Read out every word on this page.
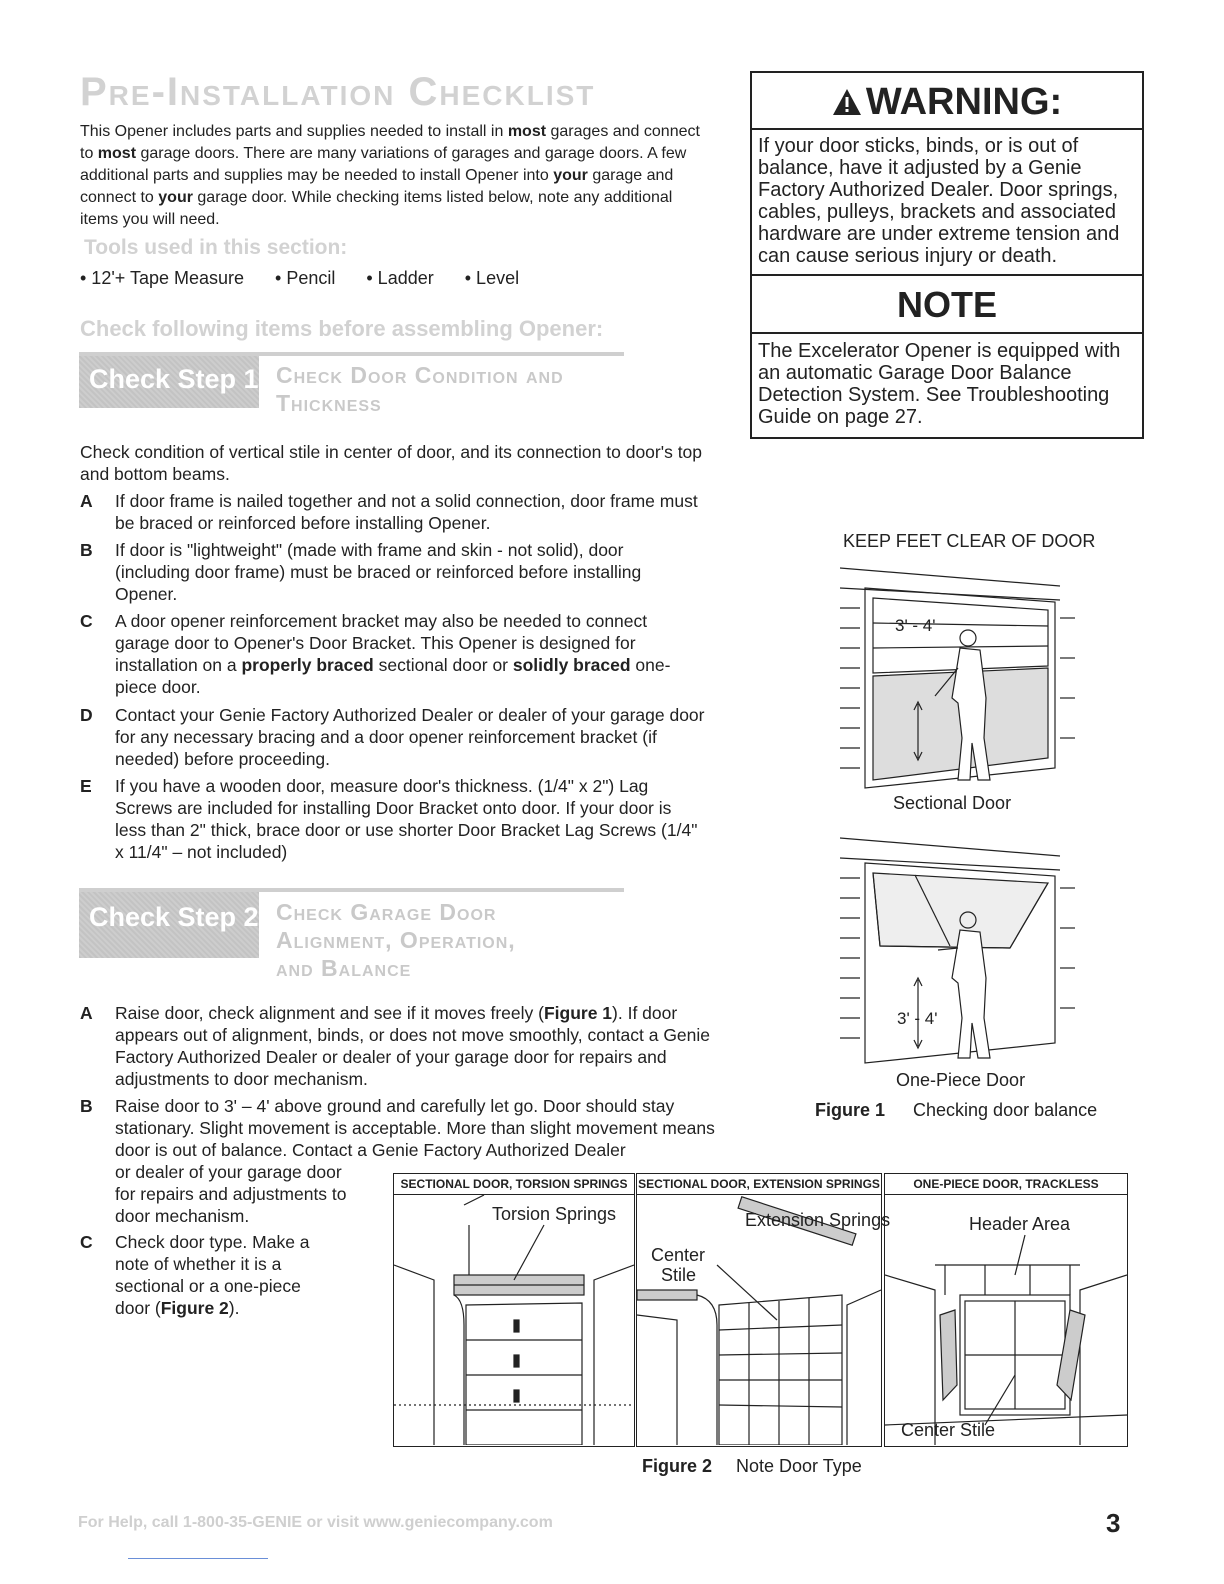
Pre-Installation Checklist
This Opener includes parts and supplies needed to install in most garages and connect to most garage doors. There are many variations of garages and garage doors. A few additional parts and supplies may be needed to install Opener into your garage and connect to your garage door. While checking items listed below, note any additional items you will need.
Tools used in this section:
• 12'+ Tape Measure • Pencil • Ladder • Level
Check following items before assembling Opener:
Check Step 1: Check Door Condition and
Thickness
Check condition of vertical stile in center of door, and its connection to door's top and bottom beams.
A If door frame is nailed together and not a solid connection, door frame must be braced or reinforced before installing Opener.
B If door is "lightweight" (made with frame and skin - not solid), door (including door frame) must be braced or reinforced before installing Opener.
C A door opener reinforcement bracket may also be needed to connect garage door to Opener's Door Bracket. This Opener is designed for installation on a properly braced sectional door or solidly braced one-piece door.
D Contact your Genie Factory Authorized Dealer or dealer of your garage door for any necessary bracing and a door opener reinforcement bracket (if needed) before proceeding.
E If you have a wooden door, measure door's thickness. (1/4" x 2") Lag Screws are included for installing Door Bracket onto door. If your door is less than 2" thick, brace door or use shorter Door Bracket Lag Screws (1/4" x 11/4" – not included)
Check Step 2: Check Garage Door
Alignment, Operation,
and Balance
A Raise door, check alignment and see if it moves freely (Figure 1). If door appears out of alignment, binds, or does not move smoothly, contact a Genie Factory Authorized Dealer or dealer of your garage door for repairs and adjustments to door mechanism.
B Raise door to 3' – 4' above ground and carefully let go. Door should stay stationary. Slight movement is acceptable. More than slight movement means door is out of balance. Contact a Genie Factory Authorized Dealer
or dealer of your garage door for repairs and adjustments to door mechanism.
C Check door type. Make a note of whether it is a sectional or a one-piece door (Figure 2).
WARNING:
If your door sticks, binds, or is out of balance, have it adjusted by a Genie Factory Authorized Dealer. Door springs, cables, pulleys, brackets and associated hardware are under extreme tension and can cause serious injury or death.
NOTE
The Excelerator Opener is equipped with an automatic Garage Door Balance Detection System. See Troubleshooting Guide on page 27.
KEEP FEET CLEAR OF DOOR
3' - 4'
Sectional Door
3' - 4'
One-Piece Door
Figure 1 Checking door balance
SECTIONAL DOOR, TORSION SPRINGS
Torsion Springs
SECTIONAL DOOR, EXTENSION SPRINGS
Extension Springs
Center
Stile
ONE-PIECE DOOR, TRACKLESS
Header Area
Center Stile
Figure 2 Note Door Type
For Help, call 1-800-35-GENIE or visit www.geniecompany.com	3
